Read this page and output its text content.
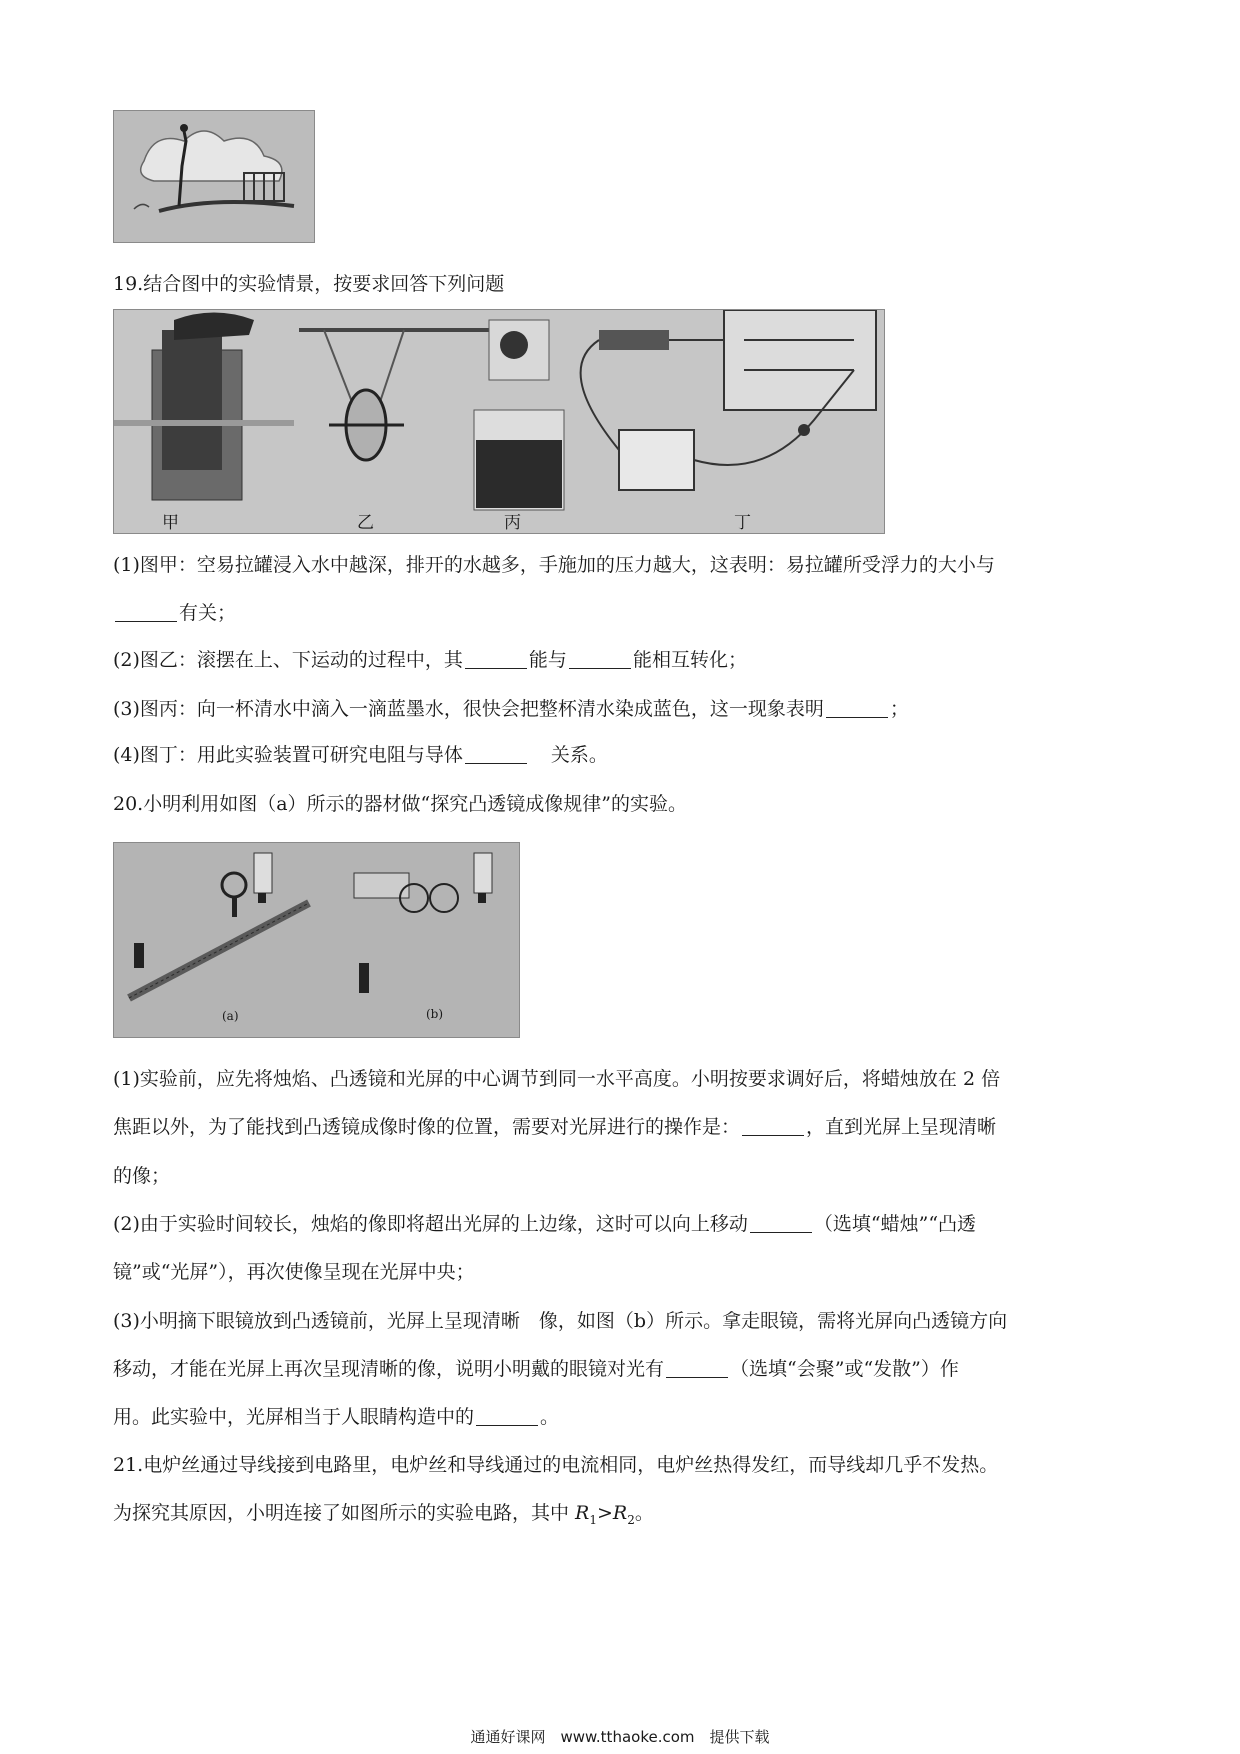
19.结合图中的实验情景，按要求回答下列问题
甲	乙	丙	丁
(1)图甲：空易拉罐浸入水中越深，排开的水越多，手施加的压力越大，这表明：易拉罐所受浮力的大小与
有关；
(2)图乙：滚摆在上、下运动的过程中，其	能与	能相互转化；
(3)图丙：向一杯清水中滴入一滴蓝墨水，很快会把整杯清水染成蓝色，这一现象表明	；
(4)图丁：用此实验装置可研究电阻与导体	关系。
20.小明利用如图（a）所示的器材做“探究凸透镜成像规律”的实验。
(a)	(b)
(1)实验前，应先将烛焰、凸透镜和光屏的中心调节到同一水平高度。小明按要求调好后，将蜡烛放在 2 倍
焦距以外，为了能找到凸透镜成像时像的位置，需要对光屏进行的操作是：	，直到光屏上呈现清晰
的像；
(2)由于实验时间较长，烛焰的像即将超出光屏的上边缘，这时可以向上移动	（选填“蜡烛”“凸透
镜”或“光屏”），再次使像呈现在光屏中央；
(3)小明摘下眼镜放到凸透镜前，光屏上呈现清晰　像，如图（b）所示。拿走眼镜，需将光屏向凸透镜方向
移动，才能在光屏上再次呈现清晰的像，说明小明戴的眼镜对光有	（选填“会聚”或“发散”）作
用。此实验中，光屏相当于人眼睛构造中的	。
21.电炉丝通过导线接到电路里，电炉丝和导线通过的电流相同，电炉丝热得发红，而导线却几乎不发热。
为探究其原因，小明连接了如图所示的实验电路，其中 $R_1>R_2$。
通通好课网　www.tthaoke.com　提供下载
